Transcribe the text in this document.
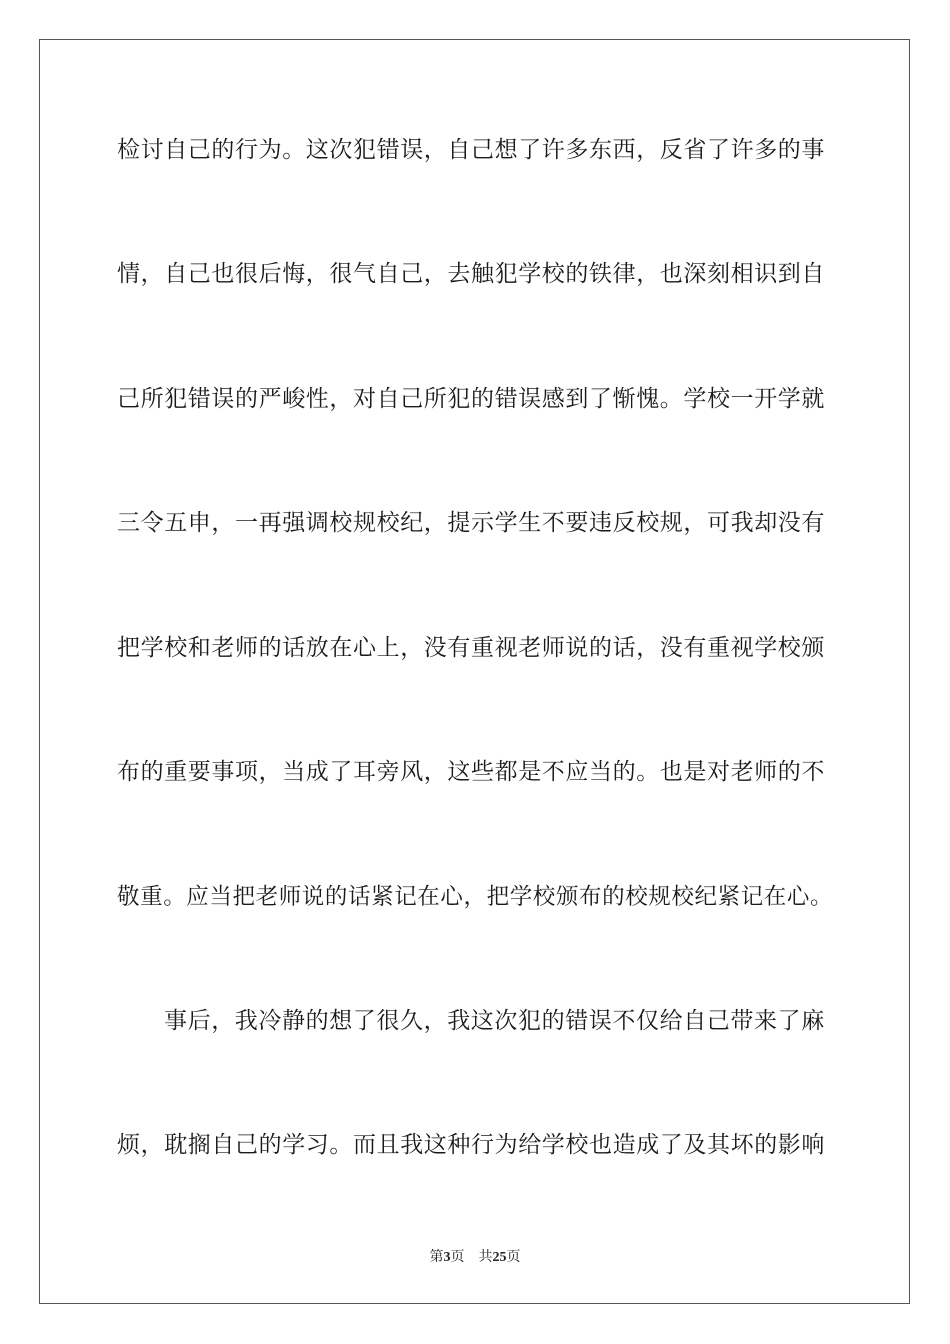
检讨自己的行为。这次犯错误，自己想了许多东西，反省了许多的事
情，自己也很后悔，很气自己，去触犯学校的铁律，也深刻相识到自
己所犯错误的严峻性，对自己所犯的错误感到了惭愧。学校一开学就
三令五申，一再强调校规校纪，提示学生不要违反校规，可我却没有
把学校和老师的话放在心上，没有重视老师说的话，没有重视学校颁
布的重要事项，当成了耳旁风，这些都是不应当的。也是对老师的不
敬重。应当把老师说的话紧记在心，把学校颁布的校规校纪紧记在心。
事后，我冷静的想了很久，我这次犯的错误不仅给自己带来了麻
烦，耽搁自己的学习。而且我这种行为给学校也造成了及其坏的影响
第3页 共25页
